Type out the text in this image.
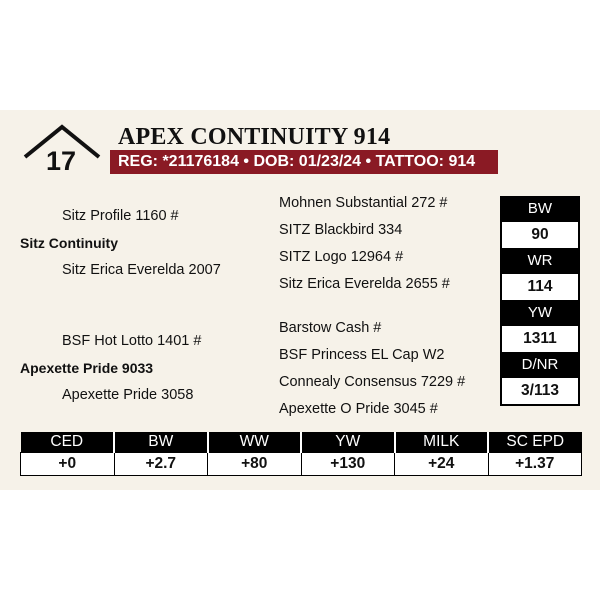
17
APEX CONTINUITY 914
REG: *21176184 • DOB: 01/23/24 • TATTOO: 914
Sitz Profile 1160 #
Sitz Continuity
Sitz Erica Everelda 2007
Mohnen Substantial 272 #
SITZ Blackbird 334
SITZ Logo 12964 #
Sitz Erica Everelda 2655 #
BSF Hot Lotto 1401 #
Apexette Pride 9033
Apexette Pride 3058
Barstow Cash #
BSF Princess EL Cap W2
Connealy Consensus 7229 #
Apexette O Pride 3045 #
BW
90
WR
114
YW
1311
D/NR
3/113
CED	BW	WW	YW	MILK	SC EPD
+0	+2.7	+80	+130	+24	+1.37
